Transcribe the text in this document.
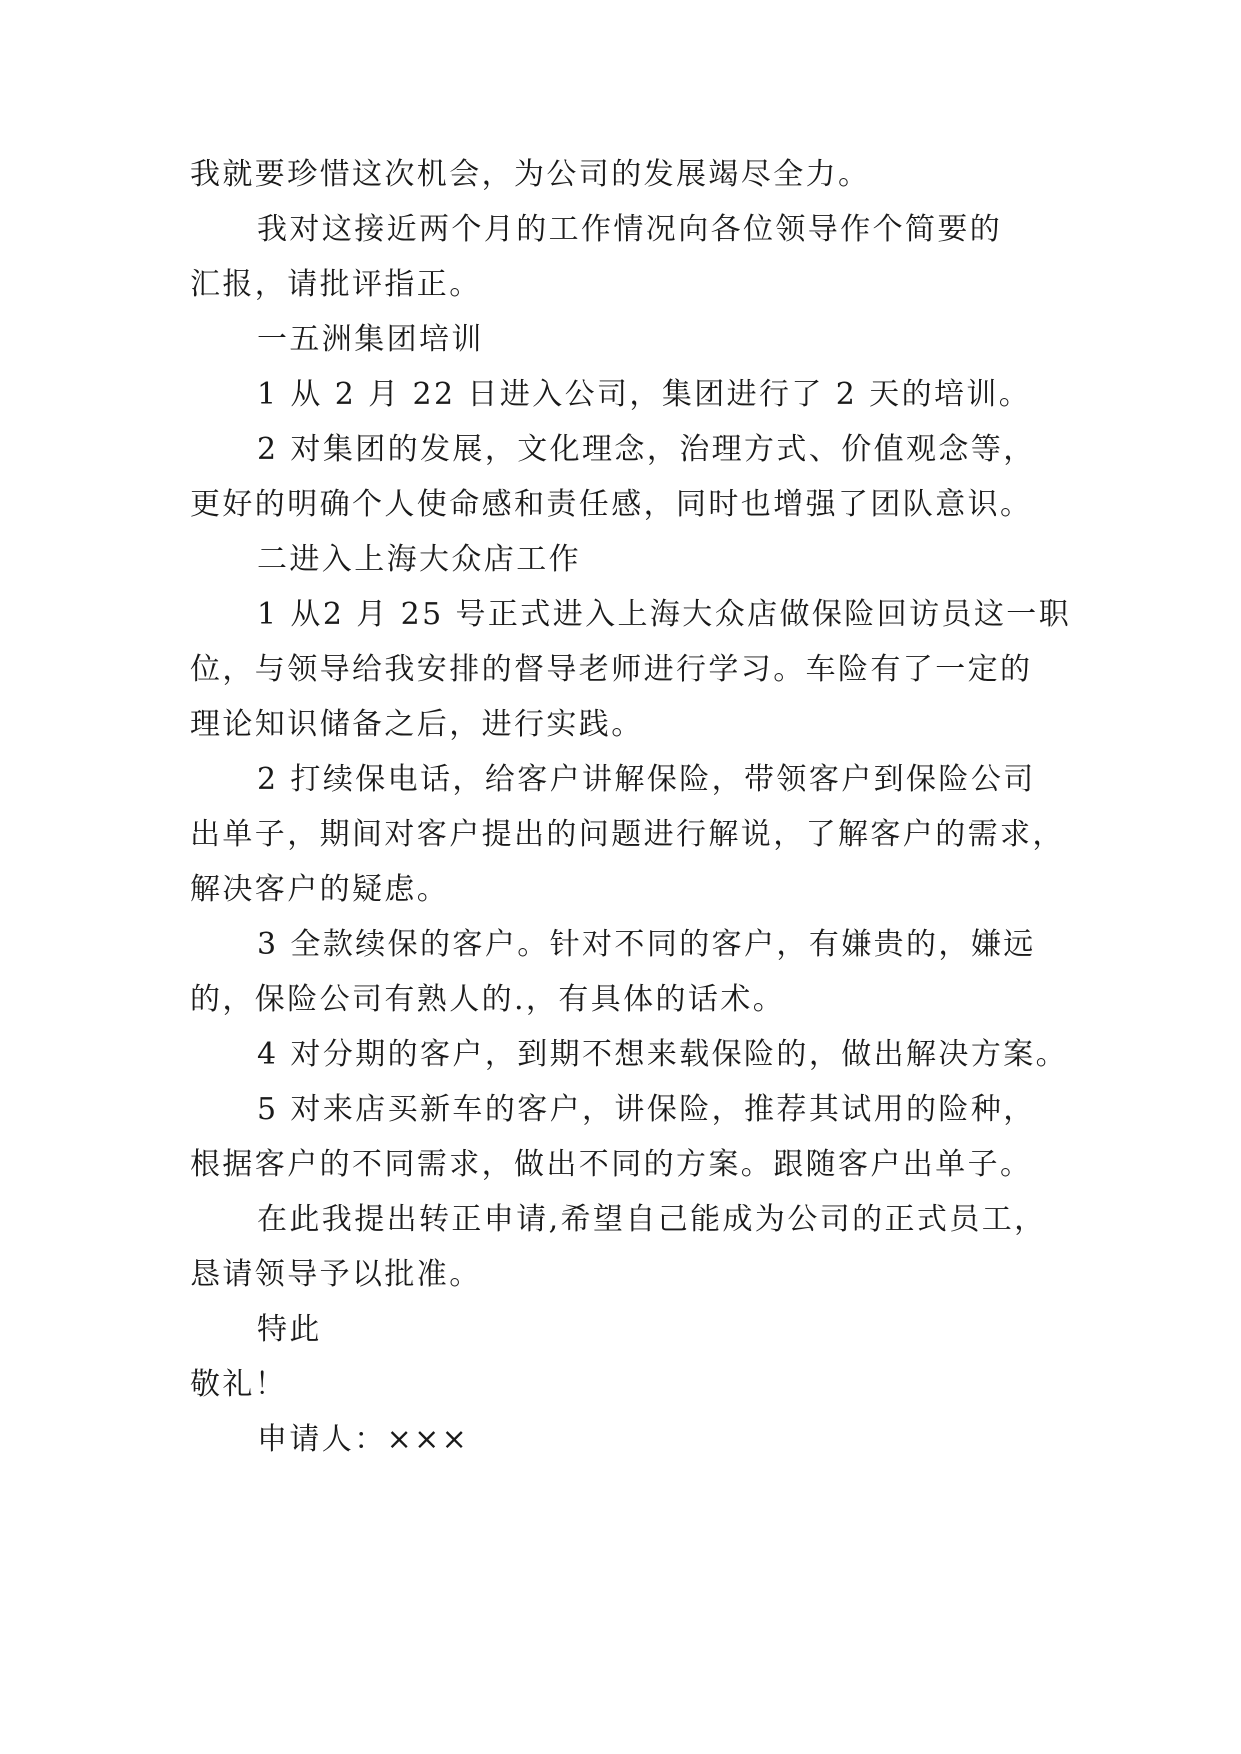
我就要珍惜这次机会，为公司的发展竭尽全力。
我对这接近两个月的工作情况向各位领导作个简要的
汇报，请批评指正。
一五洲集团培训
1 从 2 月 22 日进入公司，集团进行了 2 天的培训。
2 对集团的发展，文化理念，治理方式、价值观念等，
更好的明确个人使命感和责任感，同时也增强了团队意识。
二进入上海大众店工作
1 从2 月 25 号正式进入上海大众店做保险回访员这一职
位，与领导给我安排的督导老师进行学习。车险有了一定的
理论知识储备之后，进行实践。
2 打续保电话，给客户讲解保险，带领客户到保险公司
出单子，期间对客户提出的问题进行解说，了解客户的需求，
解决客户的疑虑。
3 全款续保的客户。针对不同的客户，有嫌贵的，嫌远
的，保险公司有熟人的.，有具体的话术。
4 对分期的客户，到期不想来载保险的，做出解决方案。
5 对来店买新车的客户，讲保险，推荐其试用的险种，
根据客户的不同需求，做出不同的方案。跟随客户出单子。
在此我提出转正申请,希望自己能成为公司的正式员工，
恳请领导予以批准。
特此
敬礼！
申请人：×××
